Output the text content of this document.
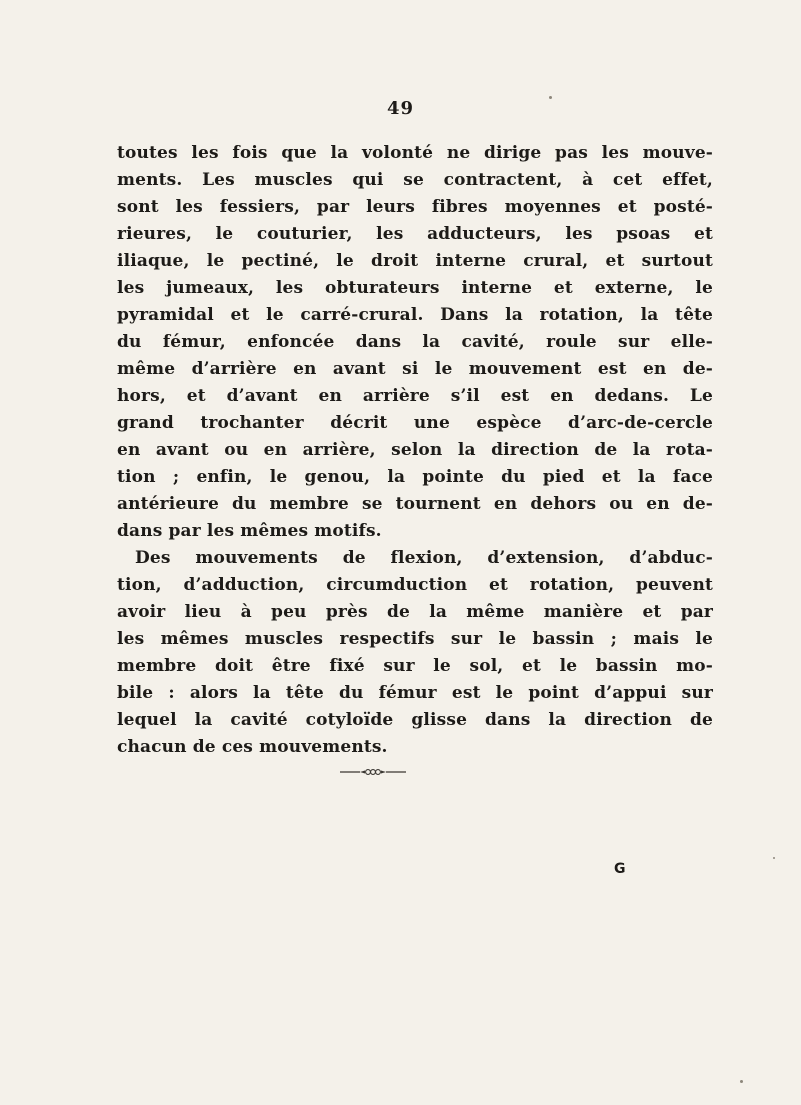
49
toutes les fois que la volonté ne dirige pas les mouve-
ments. Les muscles qui se contractent, à cet effet,
sont les fessiers, par leurs fibres moyennes et posté-
rieures, le couturier, les adducteurs, les psoas et
iliaque, le pectiné, le droit interne crural, et surtout
les jumeaux, les obturateurs interne et externe, le
pyramidal et le carré-crural. Dans la rotation, la tête
du fémur, enfoncée dans la cavité, roule sur elle-
même d’arrière en avant si le mouvement est en de-
hors, et d’avant en arrière s’il est en dedans. Le
grand trochanter décrit une espèce d’arc-de-cercle
en avant ou en arrière, selon la direction de la rota-
tion ; enfin, le genou, la pointe du pied et la face
antérieure du membre se tournent en dehors ou en de-
dans par les mêmes motifs.
Des mouvements de flexion, d’extension, d’abduc-
tion, d’adduction, circumduction et rotation, peuvent
avoir lieu à peu près de la même manière et par
les mêmes muscles respectifs sur le bassin ; mais le
membre doit être fixé sur le sol, et le bassin mo-
bile : alors la tête du fémur est le point d’appui sur
lequel la cavité cotyloïde glisse dans la direction de
chacun de ces mouvements.
G
